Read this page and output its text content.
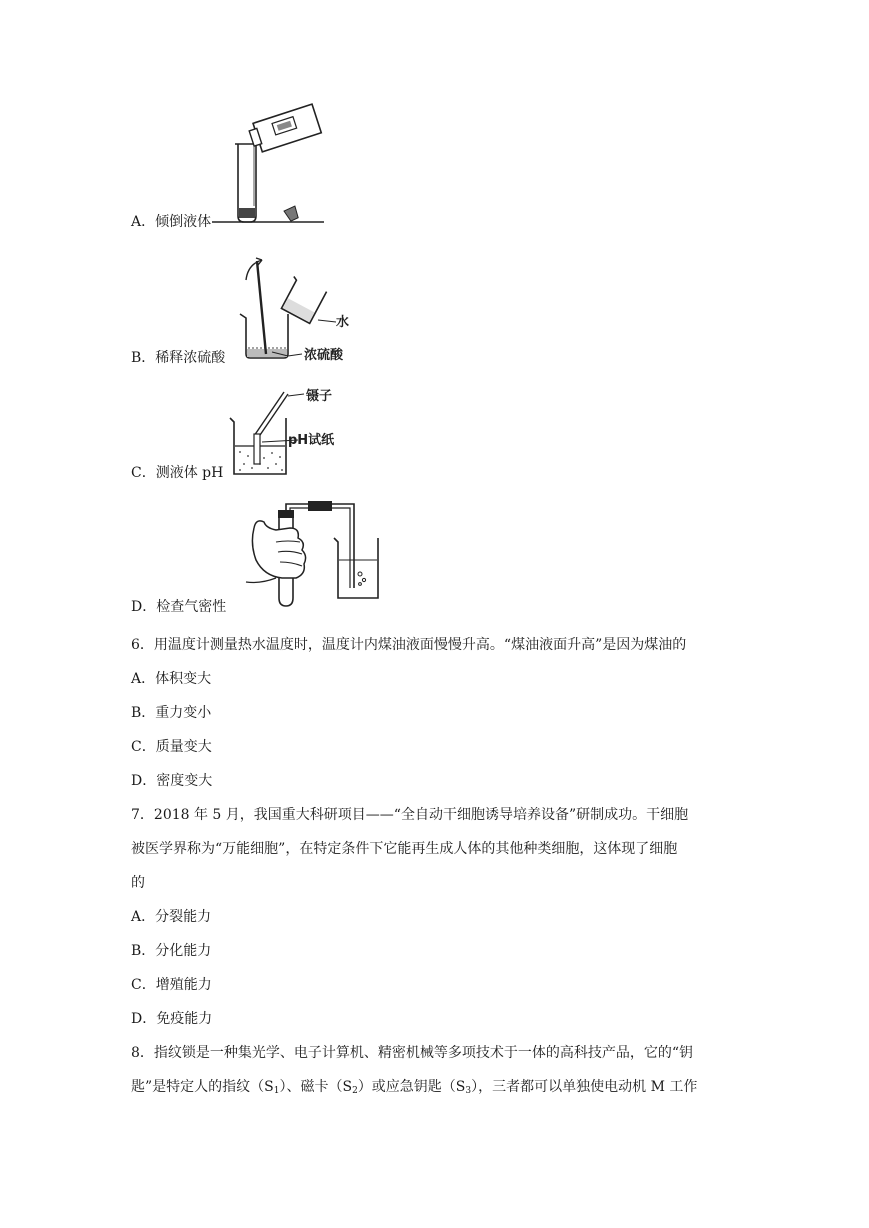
A．倾倒液体
水
浓硫酸
B．稀释浓硫酸
镊子
pH试纸
C．测液体 pH
D．检查气密性
6．用温度计测量热水温度时，温度计内煤油液面慢慢升高。“煤油液面升高”是因为煤油的
A．体积变大
B．重力变小
C．质量变大
D．密度变大
7．2018 年 5 月，我国重大科研项目——“全自动干细胞诱导培养设备”研制成功。干细胞
被医学界称为“万能细胞”，在特定条件下它能再生成人体的其他种类细胞，这体现了细胞
的
A．分裂能力
B．分化能力
C．增殖能力
D．免疫能力
8．指纹锁是一种集光学、电子计算机、精密机械等多项技术于一体的高科技产品，它的“钥
匙”是特定人的指纹$(S_1)$、磁卡$(S_2)$或应急钥匙$(S_3)$，三者都可以单独使电动机 M 工作
